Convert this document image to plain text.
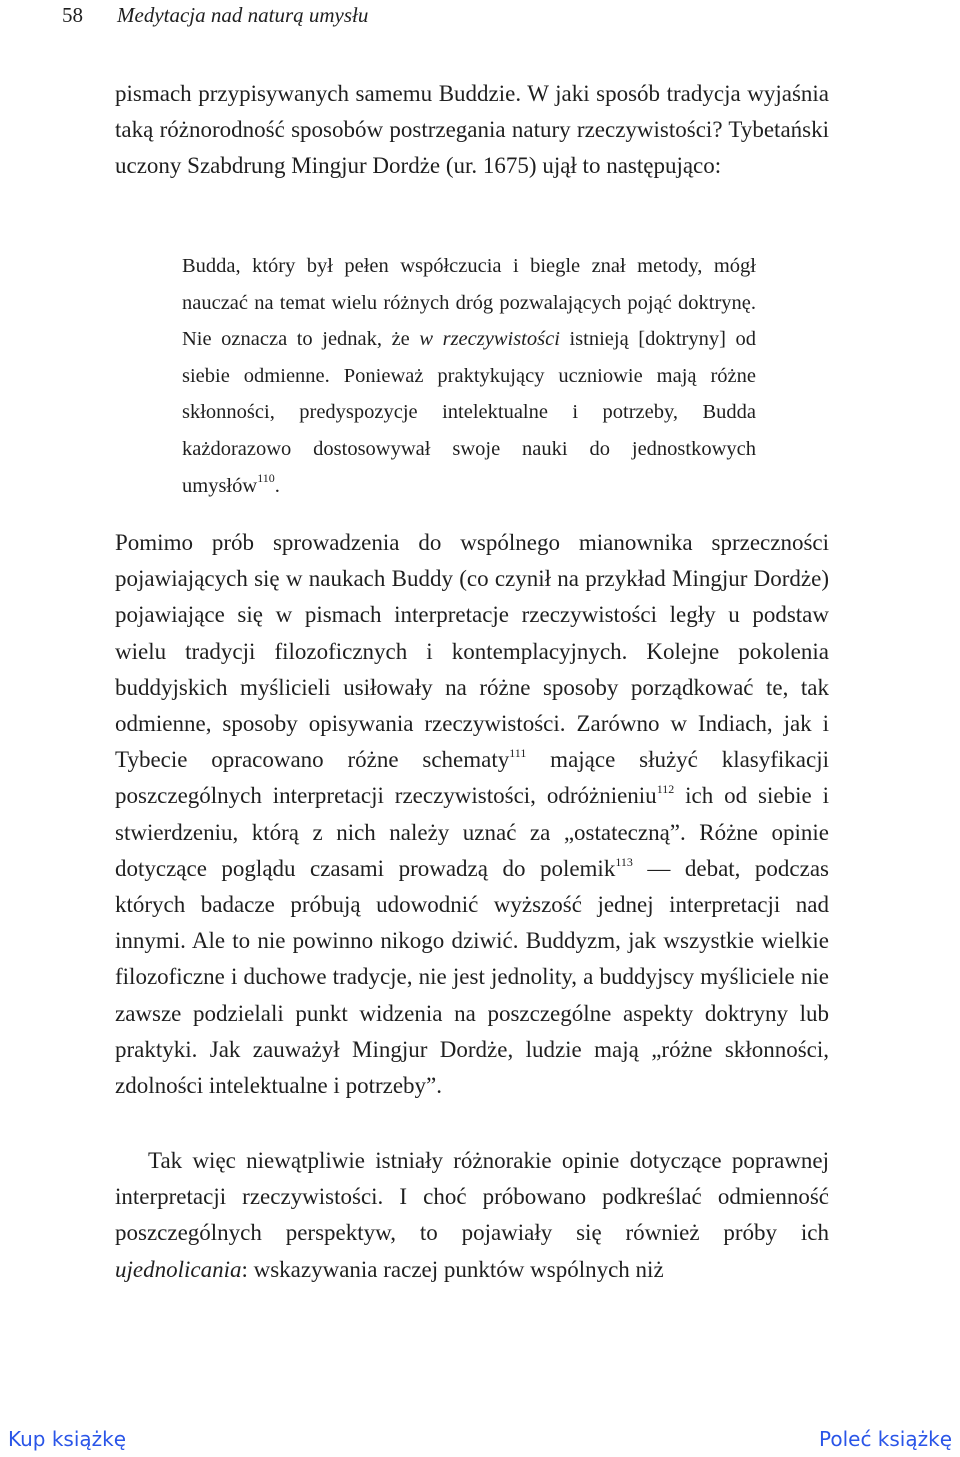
58 Medytacja nad naturą umysłu

pismach przypisywanych samemu Buddzie. W jaki sposób tradycja wyjaśnia taką różnorodność sposobów postrzegania natury rzeczywistości? Tybetański uczony Szabdrung Mingjur Dordże (ur. 1675) ujął to następująco:

Budda, który był pełen współczucia i biegle znał metody, mógł nauczać na temat wielu różnych dróg pozwalających pojąć doktrynę. Nie oznacza to jednak, że w rzeczywistości istnieją [doktryny] od siebie odmienne. Ponieważ praktykujący uczniowie mają różne skłonności, predyspozycje intelektualne i potrzeby, Budda każdorazowo dostosowywał swoje nauki do jednostkowych umysłów$^{110}$.

Pomimo prób sprowadzenia do wspólnego mianownika sprzeczności pojawiających się w naukach Buddy (co czynił na przykład Mingjur Dordże) pojawiające się w pismach interpretacje rzeczywistości legły u podstaw wielu tradycji filozoficznych i kontemplacyjnych. Kolejne pokolenia buddyjskich myślicieli usiłowały na różne sposoby porządkować te, tak odmienne, sposoby opisywania rzeczywistości. Zarówno w Indiach, jak i Tybecie opracowano różne schematy$^{111}$ mające służyć klasyfikacji poszczególnych interpretacji rzeczywistości, odróżnieniu$^{112}$ ich od siebie i stwierdzeniu, którą z nich należy uznać za „ostateczną”. Różne opinie dotyczące poglądu czasami prowadzą do polemik$^{113}$ — debat, podczas których badacze próbują udowodnić wyższość jednej interpretacji nad innymi. Ale to nie powinno nikogo dziwić. Buddyzm, jak wszystkie wielkie filozoficzne i duchowe tradycje, nie jest jednolity, a buddyjscy myśliciele nie zawsze podzielali punkt widzenia na poszczególne aspekty doktryny lub praktyki. Jak zauważył Mingjur Dordże, ludzie mają „różne skłonności, zdolności intelektualne i potrzeby”.

Tak więc niewątpliwie istniały różnorakie opinie dotyczące poprawnej interpretacji rzeczywistości. I choć próbowano podkreślać odmienność poszczególnych perspektyw, to pojawiały się również próby ich ujednolicania: wskazywania raczej punktów wspólnych niż

Kup książkę	Poleć książkę
